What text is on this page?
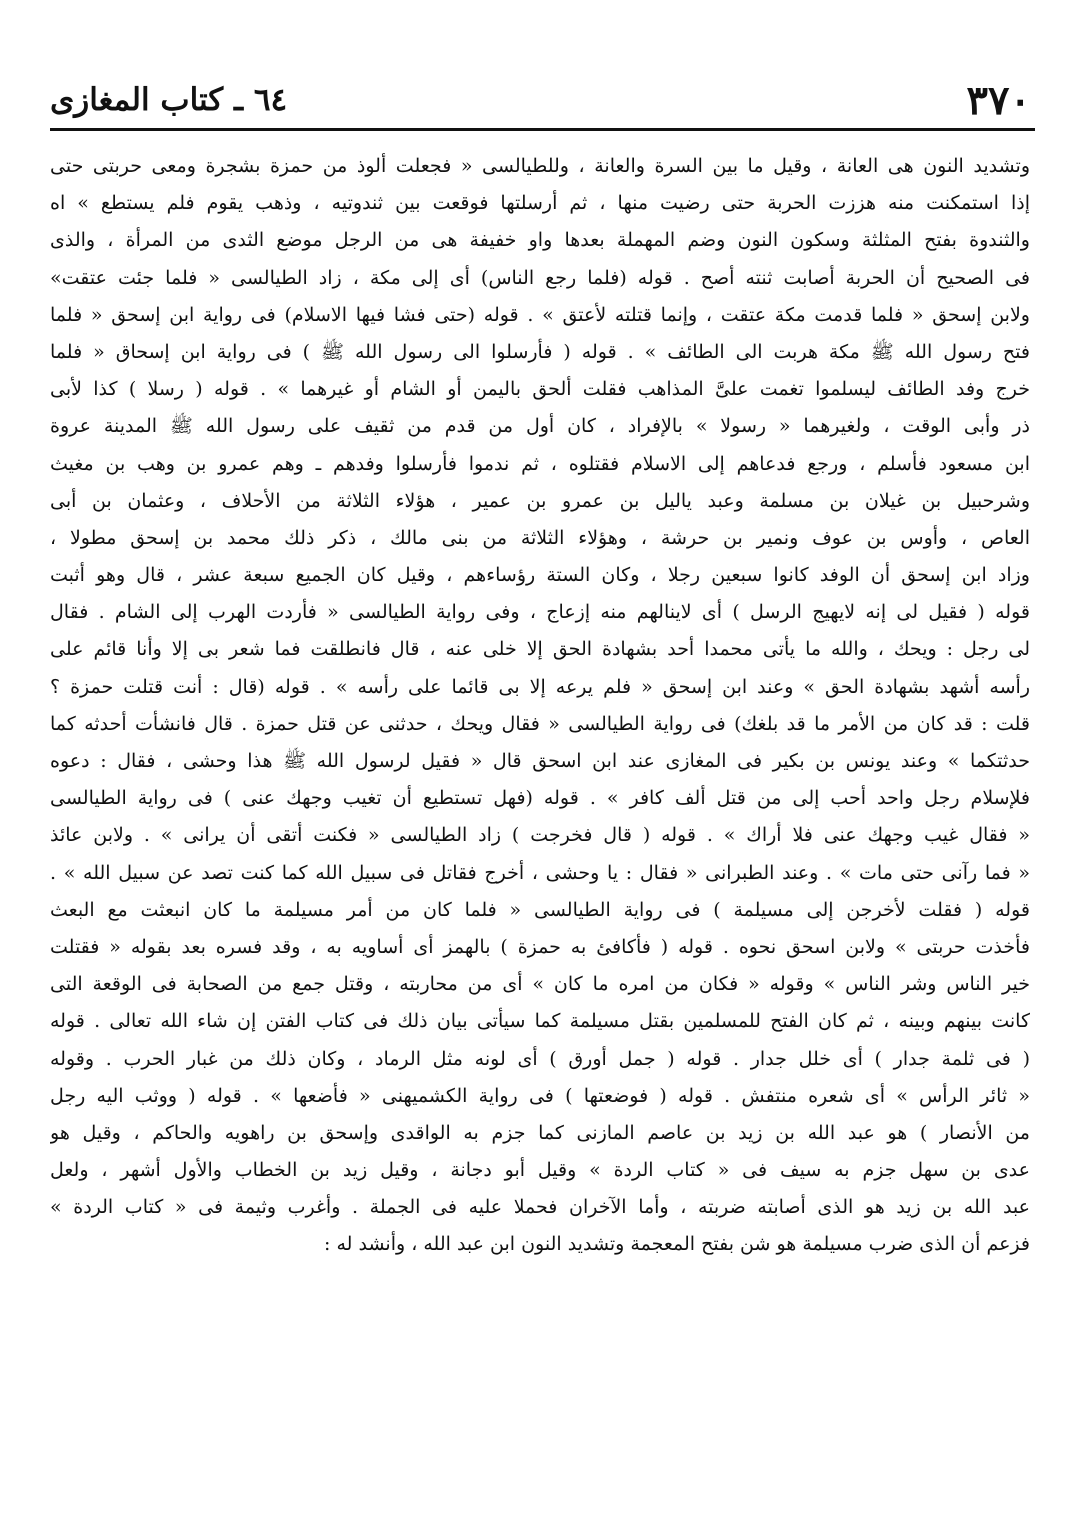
٣٧٠
٦٤ ـ كتاب المغازى
وتشديد النون هى العانة ، وقيل ما بين السرة والعانة ، وللطيالسى « فجعلت ألوذ من حمزة بشجرة ومعى حربتى حتى
إذا استمكنت منه هززت الحربة حتى رضيت منها ، ثم أرسلتها فوقعت بين ثندوتيه ، وذهب يقوم فلم يستطع » اه
والثندوة بفتح المثلثة وسكون النون وضم المهملة بعدها واو خفيفة هى من الرجل موضع الثدى من المرأة ، والذى
فى الصحيح أن الحربة أصابت ثنته أصح . قوله (فلما رجع الناس) أى إلى مكة ، زاد الطيالسى « فلما جئت عتقت»
ولابن إسحق « فلما قدمت مكة عتقت ، وإنما قتلته لأعتق » . قوله (حتى فشا فيها الاسلام) فى رواية ابن إسحق « فلما
فتح رسول الله ﷺ مكة هربت الى الطائف » . قوله ( فأرسلوا الى رسول الله ﷺ ) فى رواية ابن إسحاق « فلما
خرج وفد الطائف ليسلموا تغمت علىَّ المذاهب فقلت ألحق باليمن أو الشام أو غيرهما » . قوله ( رسلا ) كذا لأبى
ذر وأبى الوقت ، ولغيرهما « رسولا » بالإفراد ، كان أول من قدم من ثقيف على رسول الله ﷺ المدينة عروة
ابن مسعود فأسلم ، ورجع فدعاهم إلى الاسلام فقتلوه ، ثم ندموا فأرسلوا وفدهم ـ وهم عمرو بن وهب بن مغيث
وشرحبيل بن غيلان بن مسلمة وعبد ياليل بن عمرو بن عمير ، هؤلاء الثلاثة من الأحلاف ، وعثمان بن أبى
العاص ، وأوس بن عوف ونمير بن حرشة ، وهؤلاء الثلاثة من بنى مالك ، ذكر ذلك محمد بن إسحق مطولا ،
وزاد ابن إسحق أن الوفد كانوا سبعين رجلا ، وكان الستة رؤساءهم ، وقيل كان الجميع سبعة عشر ، قال وهو أثبت
قوله ( فقيل لى إنه لايهيج الرسل ) أى لاينالهم منه إزعاج ، وفى رواية الطيالسى « فأردت الهرب إلى الشام . فقال
لى رجل : ويحك ، والله ما يأتى محمدا أحد بشهادة الحق إلا خلى عنه ، قال فانطلقت فما شعر بى إلا وأنا قائم على
رأسه أشهد بشهادة الحق » وعند ابن إسحق « فلم يرعه إلا بى قائما على رأسه » . قوله (قال : أنت قتلت حمزة ؟
قلت : قد كان من الأمر ما قد بلغك) فى رواية الطيالسى « فقال ويحك ، حدثنى عن قتل حمزة . قال فانشأت أحدثه كما
حدثتكما » وعند يونس بن بكير فى المغازى عند ابن اسحق قال « فقيل لرسول الله ﷺ هذا وحشى ، فقال : دعوه
فلإسلام رجل واحد أحب إلى من قتل ألف كافر » . قوله (فهل تستطيع أن تغيب وجهك عنى ) فى رواية الطيالسى
« فقال غيب وجهك عنى فلا أراك » . قوله ( قال فخرجت ) زاد الطيالسى « فكنت أتقى أن يرانى » . ولابن عائذ
« فما رآنى حتى مات » . وعند الطبرانى « فقال : يا وحشى ، أخرج فقاتل فى سبيل الله كما كنت تصد عن سبيل الله » .
قوله ( فقلت لأخرجن إلى مسيلمة ) فى رواية الطيالسى « فلما كان من أمر مسيلمة ما كان انبعثت مع البعث
فأخذت حربتى » ولابن اسحق نحوه . قوله ( فأكافئ به حمزة ) بالهمز أى أساويه به ، وقد فسره بعد بقوله « فقتلت
خير الناس وشر الناس » وقوله « فكان من امره ما كان » أى من محاربته ، وقتل جمع من الصحابة فى الوقعة التى
كانت بينهم وبينه ، ثم كان الفتح للمسلمين بقتل مسيلمة كما سيأتى بيان ذلك فى كتاب الفتن إن شاء الله تعالى . قوله
( فى ثلمة جدار ) أى خلل جدار . قوله ( جمل أورق ) أى لونه مثل الرماد ، وكان ذلك من غبار الحرب . وقوله
« ثائر الرأس » أى شعره منتفش . قوله ( فوضعتها ) فى رواية الكشميهنى « فأضعها » . قوله ( ووثب اليه رجل
من الأنصار ) هو عبد الله بن زيد بن عاصم المازنى كما جزم به الواقدى وإسحق بن راهويه والحاكم ، وقيل هو
عدى بن سهل جزم به سيف فى « كتاب الردة » وقيل أبو دجانة ، وقيل زيد بن الخطاب والأول أشهر ، ولعل
عبد الله بن زيد هو الذى أصابته ضربته ، وأما الآخران فحملا عليه فى الجملة . وأغرب وثيمة فى « كتاب الردة »
فزعم أن الذى ضرب مسيلمة هو شن بفتح المعجمة وتشديد النون ابن عبد الله ، وأنشد له :
